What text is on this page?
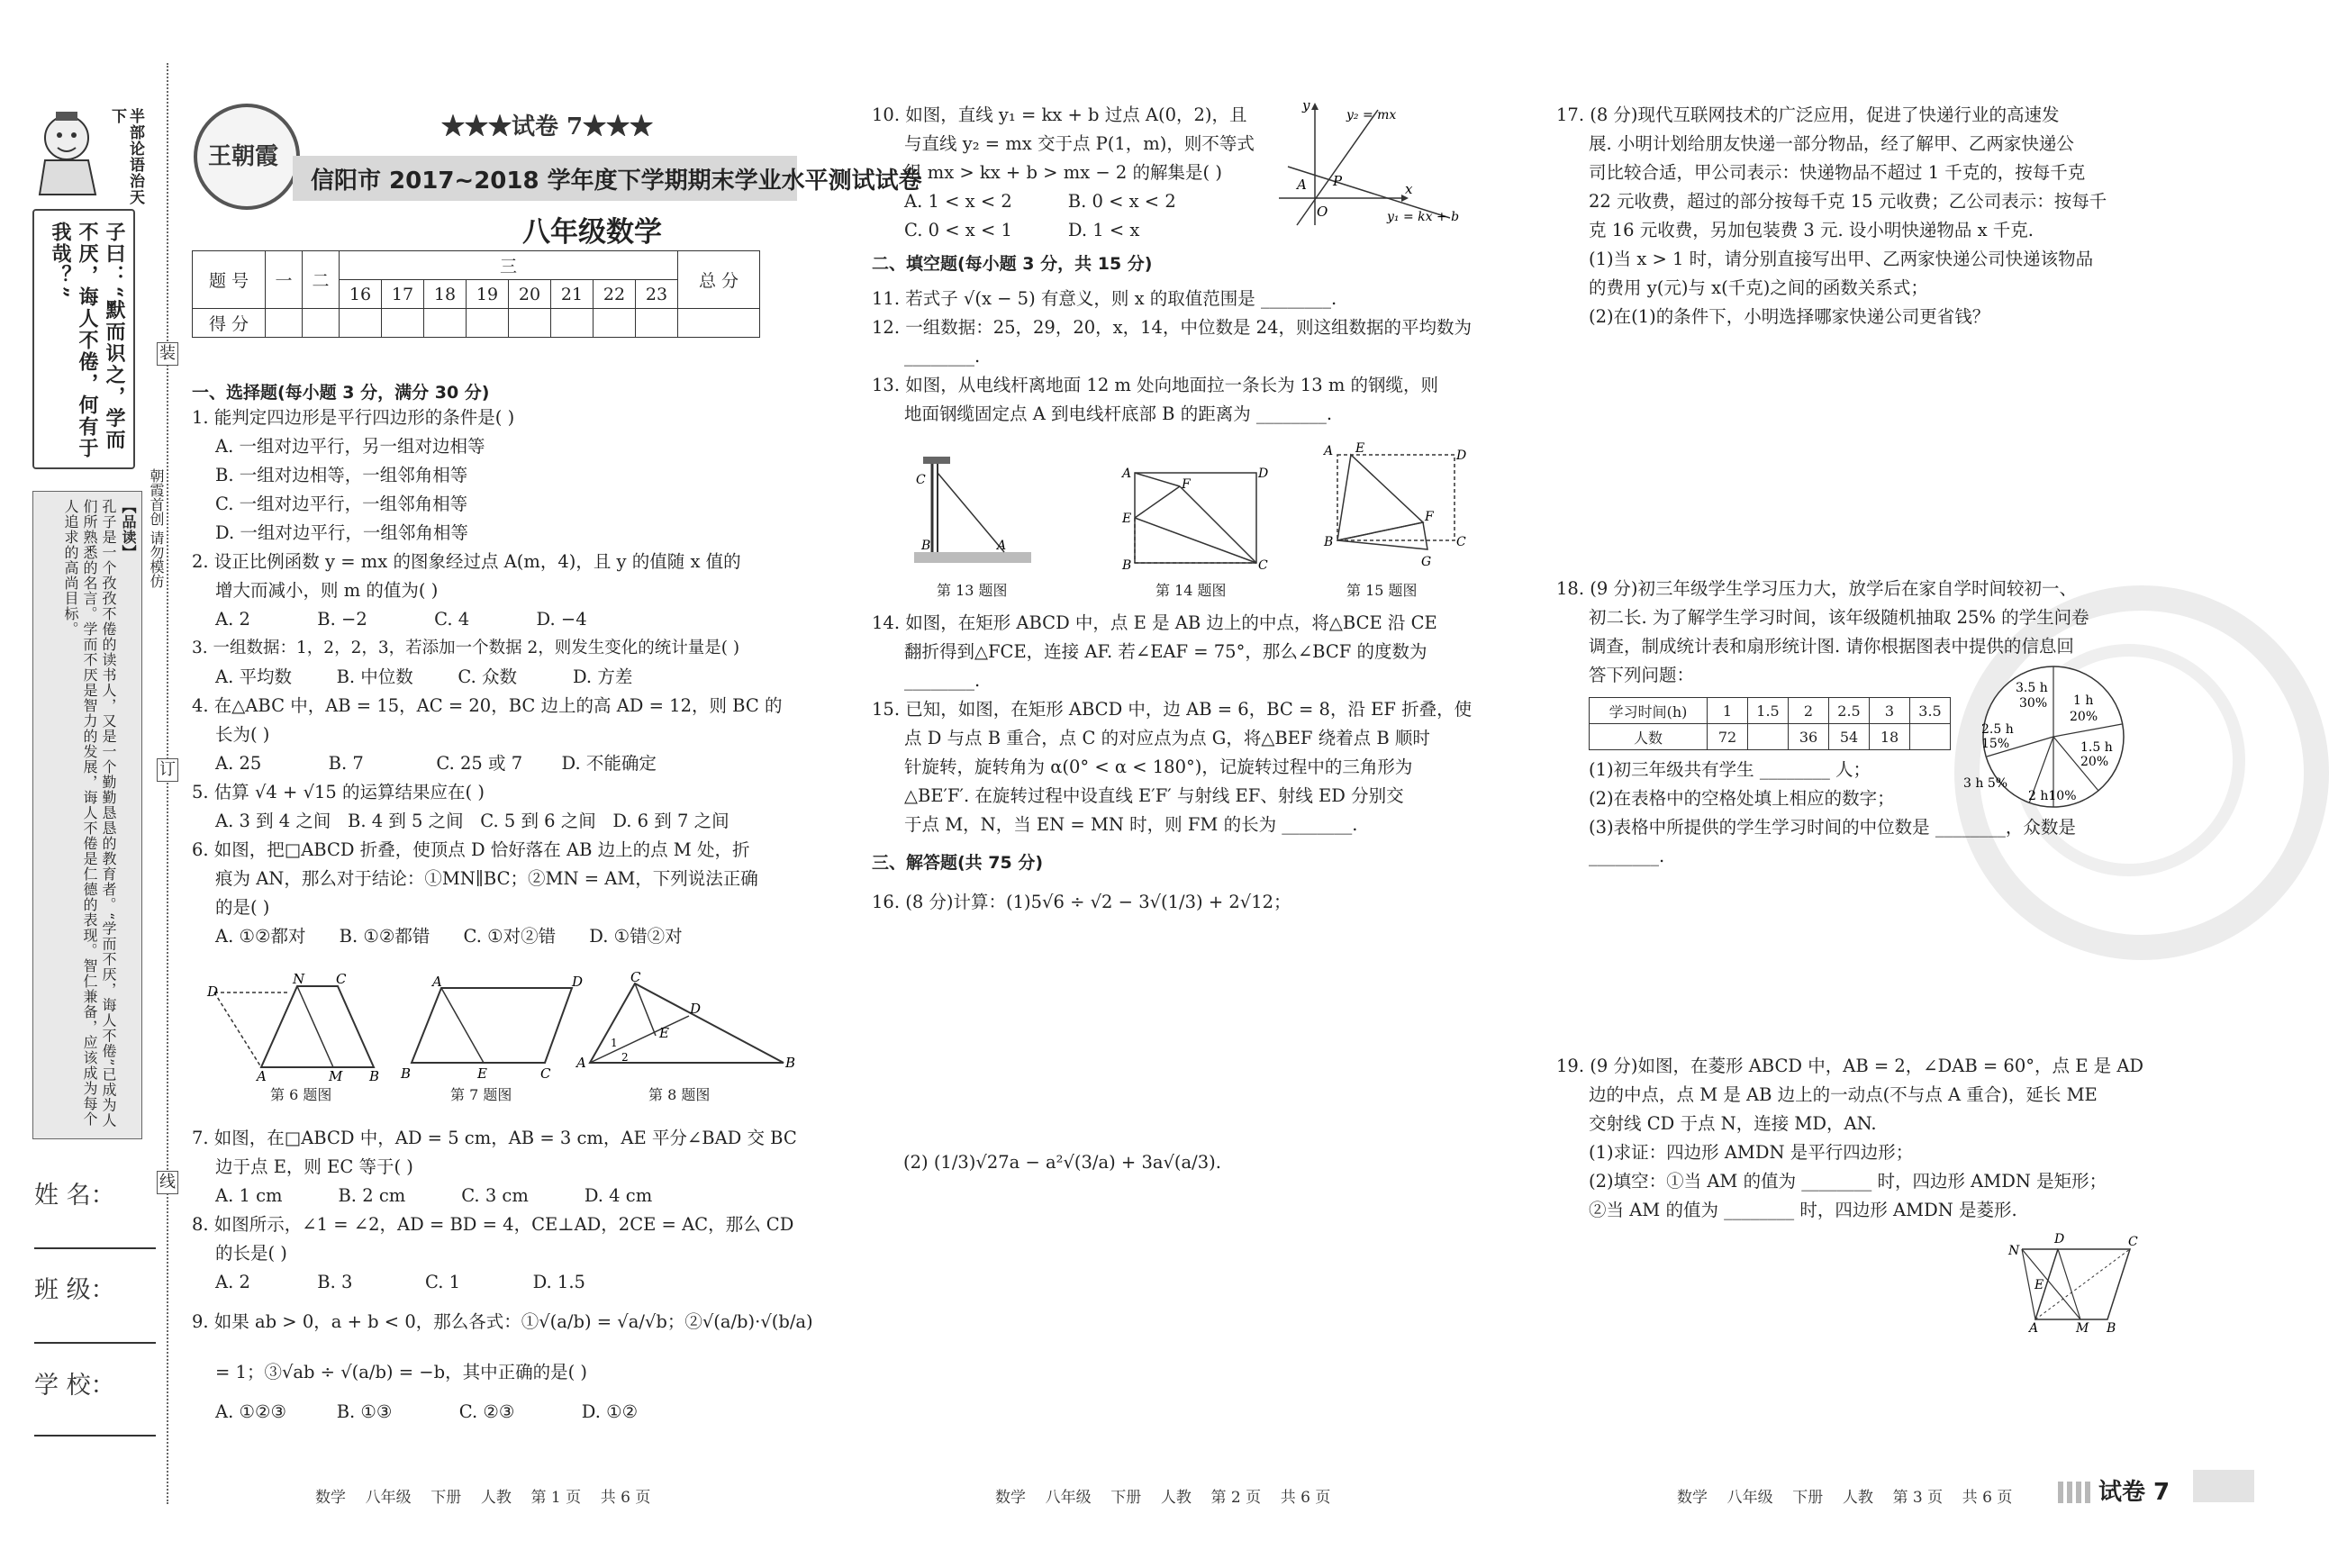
半部论语治天下
子曰：“默而识之，学而不厌，诲人不倦，何有于我哉？”
【品读】
孔子是一个孜孜不倦的读书人，又是一个勤勤恳恳的教育者。“学而不厌，诲人不倦”已成为人们所熟悉的名言。学而不厌是智力的发展，诲人不倦是仁德的表现。智仁兼备，应该成为每个人追求的高尚目标。
姓 名：
班 级：
学 校：
装
订
线
朝霞首创 请勿模仿
王朝霞
★★★试卷 7★★★
信阳市 2017~2018 学年度下学期期末学业水平测试试卷
八年级数学
题 号	一	二	三								总 分
			16	17	18	19	20	21	22	23	
得 分											
一、选择题(每小题 3 分，满分 30 分)
1. 能判定四边形是平行四边形的条件是( )
A. 一组对边平行，另一组对边相等
B. 一组对边相等，一组邻角相等
C. 一组对边平行，一组邻角相等
D. 一组对边平行，一组邻角相等
2. 设正比例函数 y = mx 的图象经过点 A(m，4)，且 y 的值随 x 值的
增大而减小，则 m 的值为( )
A. 2            B. −2            C. 4            D. −4
3. 一组数据：1，2，2，3，若添加一个数据 2，则发生变化的统计量是( )
A. 平均数        B. 中位数        C. 众数          D. 方差
4. 在△ABC 中，AB = 15，AC = 20，BC 边上的高 AD = 12，则 BC 的
长为( )
A. 25            B. 7             C. 25 或 7       D. 不能确定
5. 估算 √4 + √15 的运算结果应在( )
A. 3 到 4 之间   B. 4 到 5 之间   C. 5 到 6 之间   D. 6 到 7 之间
6. 如图，把□ABCD 折叠，使顶点 D 恰好落在 AB 边上的点 M 处，折
痕为 AN，那么对于结论：①MN∥BC；②MN = AM，下列说法正确
的是( )
A. ①②都对      B. ①②都错      C. ①对②错      D. ①错②对
D
N C
A	M B
A	D
B	E	C
C
D
E
A	B
1
2
第 6 题图	第 7 题图	第 8 题图
7. 如图，在□ABCD 中，AD = 5 cm，AB = 3 cm，AE 平分∠BAD 交 BC
边于点 E，则 EC 等于( )
A. 1 cm          B. 2 cm          C. 3 cm          D. 4 cm
8. 如图所示，∠1 = ∠2，AD = BD = 4，CE⊥AD，2CE = AC，那么 CD
的长是( )
A. 2            B. 3             C. 1             D. 1.5
9. 如果 ab > 0，a + b < 0，那么各式：①√(a/b) = √a/√b；②√(a/b)·√(b/a)
= 1；③√ab ÷ √(a/b) = −b，其中正确的是( )
A. ①②③         B. ①③            C. ②③            D. ①②
数学    八年级    下册    人教    第 1 页    共 6 页
10. 如图，直线 y₁ = kx + b 过点 A(0，2)，且
与直线 y₂ = mx 交于点 P(1，m)，则不等式
组 mx > kx + b > mx − 2 的解集是( )
A. 1 < x < 2          B. 0 < x < 2
C. 0 < x < 1          D. 1 < x
y
x
y₂ = mx
y₁ = kx + b
A P
O
二、填空题(每小题 3 分，共 15 分)
11. 若式子 √(x − 5) 有意义，则 x 的取值范围是 ________.
12. 一组数据：25，29，20，x，14，中位数是 24，则这组数据的平均数为
________.
13. 如图，从电线杆离地面 12 m 处向地面拉一条长为 13 m 的钢缆，则
地面钢缆固定点 A 到电线杆底部 B 的距离为 ________.
C
B	A
A	D
F
E
B	C
A E	D
F
B	C
G
第 13 题图	第 14 题图	第 15 题图
14. 如图，在矩形 ABCD 中，点 E 是 AB 边上的中点，将△BCE 沿 CE
翻折得到△FCE，连接 AF. 若∠EAF = 75°，那么∠BCF 的度数为
________.
15. 已知，如图，在矩形 ABCD 中，边 AB = 6，BC = 8，沿 EF 折叠，使
点 D 与点 B 重合，点 C 的对应点为点 G，将△BEF 绕着点 B 顺时
针旋转，旋转角为 α(0° < α < 180°)，记旋转过程中的三角形为
△BE′F′. 在旋转过程中设直线 E′F′ 与射线 EF、射线 ED 分别交
于点 M，N，当 EN = MN 时，则 FM 的长为 ________.
三、解答题(共 75 分)
16. (8 分)计算：(1)5√6 ÷ √2 − 3√(1/3) + 2√12；
(2) (1/3)√27a − a²√(3/a) + 3a√(a/3).
数学    八年级    下册    人教    第 2 页    共 6 页
17. (8 分)现代互联网技术的广泛应用，促进了快递行业的高速发
展. 小明计划给朋友快递一部分物品，经了解甲、乙两家快递公
司比较合适，甲公司表示：快递物品不超过 1 千克的，按每千克
22 元收费，超过的部分按每千克 15 元收费；乙公司表示：按每千
克 16 元收费，另加包装费 3 元. 设小明快递物品 x 千克.
(1)当 x > 1 时，请分别直接写出甲、乙两家快递公司快递该物品
的费用 y(元)与 x(千克)之间的函数关系式；
(2)在(1)的条件下，小明选择哪家快递公司更省钱？
18. (9 分)初三年级学生学习压力大，放学后在家自学时间较初一、
初二长. 为了解学生学习时间，该年级随机抽取 25% 的学生问卷
调查，制成统计表和扇形统计图. 请你根据图表中提供的信息回
答下列问题：
学习时间(h)	1	1.5	2	2.5	3	3.5
人数	72		36	54	18	
3.5 h
30% 1 h
20%
2.5 h
15%	1.5 h
20%
3 h 5%
2 h10%
(1)初三年级共有学生 ________ 人；
(2)在表格中的空格处填上相应的数字；
(3)表格中所提供的学生学习时间的中位数是 ________，众数是
________.
19. (9 分)如图，在菱形 ABCD 中，AB = 2，∠DAB = 60°，点 E 是 AD
边的中点，点 M 是 AB 边上的一动点(不与点 A 重合)，延长 ME
交射线 CD 于点 N，连接 MD，AN.
(1)求证：四边形 AMDN 是平行四边形；
(2)填空：①当 AM 的值为 ________ 时，四边形 AMDN 是矩形；
②当 AM 的值为 ________ 时，四边形 AMDN 是菱形.
N
D	C
E
A	M B
数学    八年级    下册    人教    第 3 页    共 6 页	试卷 7
